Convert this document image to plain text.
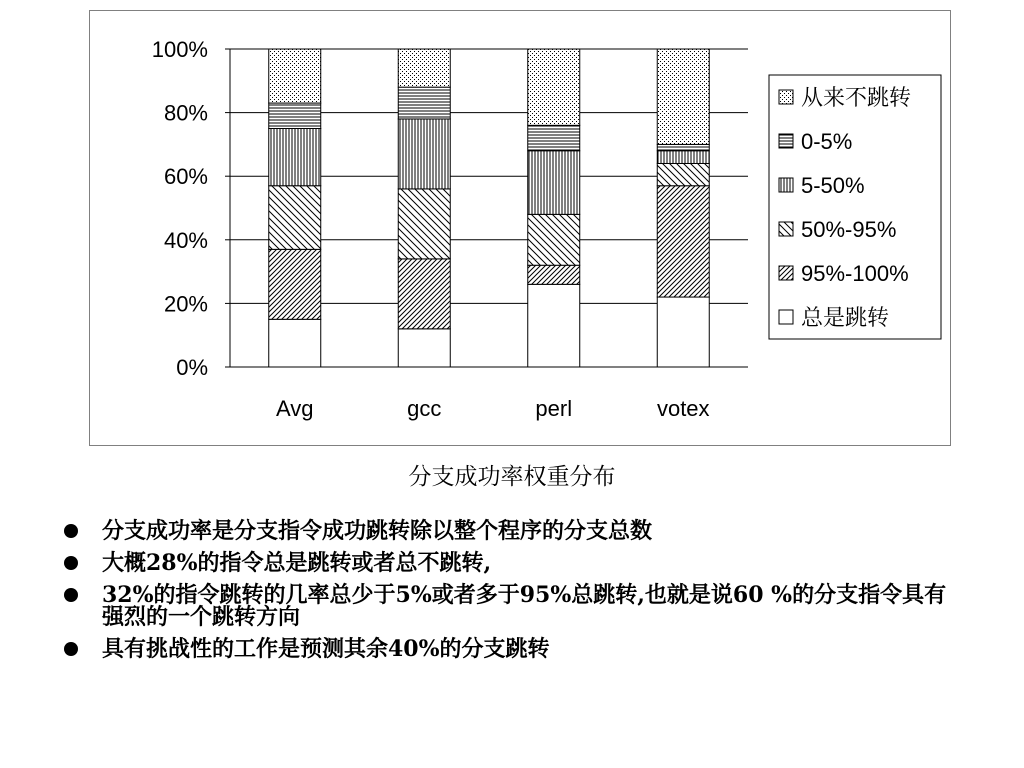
0%
20%
40%
60%
80%
100%
Avg	gcc	perl	votex
从来不跳转
0-5%
5-50%
50%-95%
95%-100%
总是跳转
分支成功率权重分布
分支成功率是分支指令成功跳转除以整个程序的分支总数
大概28%的指令总是跳转或者总不跳转,
32%的指令跳转的几率总少于5%或者多于95%总跳转,也就是说60 %的分支指令具有强烈的一个跳转方向
具有挑战性的工作是预测其余40%的分支跳转
